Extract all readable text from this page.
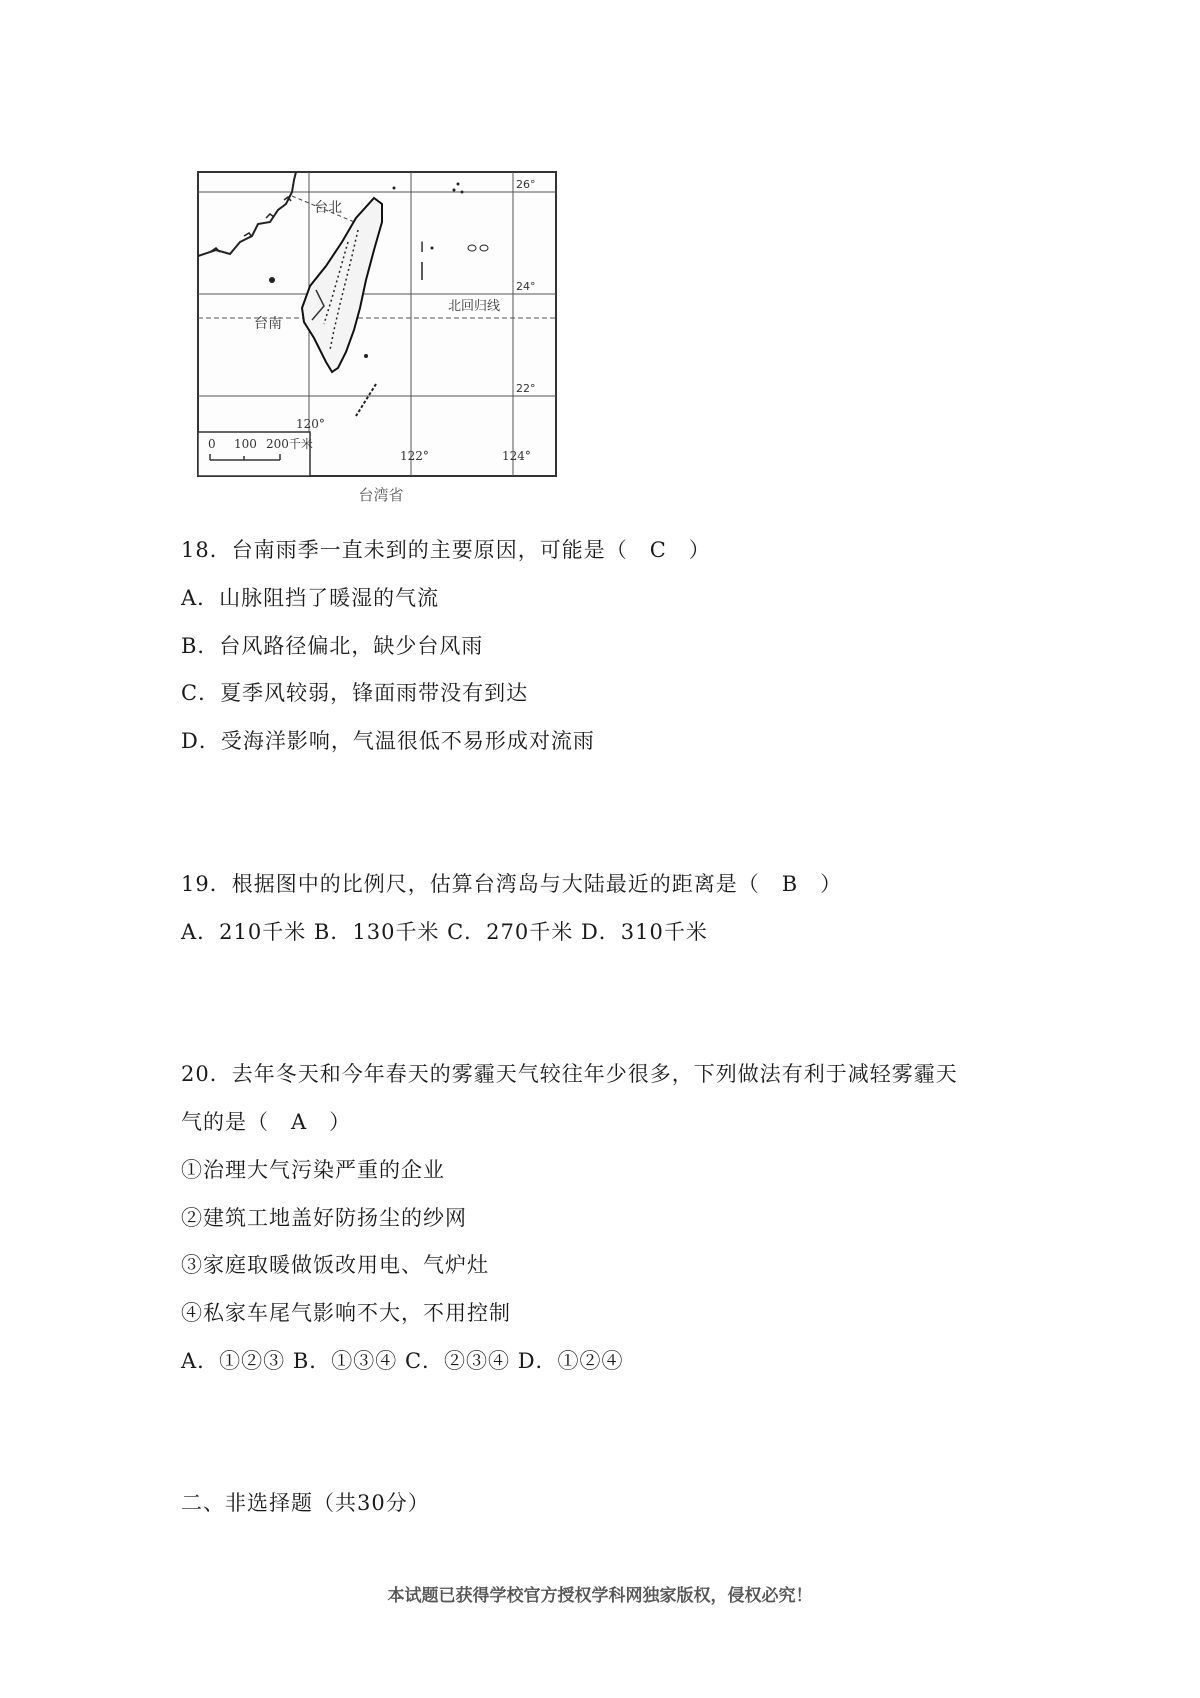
I
台北
台南
北回归线
26°
24°
22°
120°
122°	124°
0 100 200千米
台湾省
18．台南雨季一直未到的主要原因，可能是（　C　）
A．山脉阻挡了暖湿的气流
B．台风路径偏北，缺少台风雨
C．夏季风较弱，锋面雨带没有到达
D．受海洋影响，气温很低不易形成对流雨
19．根据图中的比例尺，估算台湾岛与大陆最近的距离是（　B　）
A．210千米 B．130千米 C．270千米 D．310千米
20．去年冬天和今年春天的雾霾天气较往年少很多，下列做法有利于减轻雾霾天
气的是（　A　）
①治理大气污染严重的企业
②建筑工地盖好防扬尘的纱网
③家庭取暖做饭改用电、气炉灶
④私家车尾气影响不大，不用控制
A．①②③ B．①③④ C．②③④ D．①②④
二、非选择题（共30分）
本试题已获得学校官方授权学科网独家版权，侵权必究！
